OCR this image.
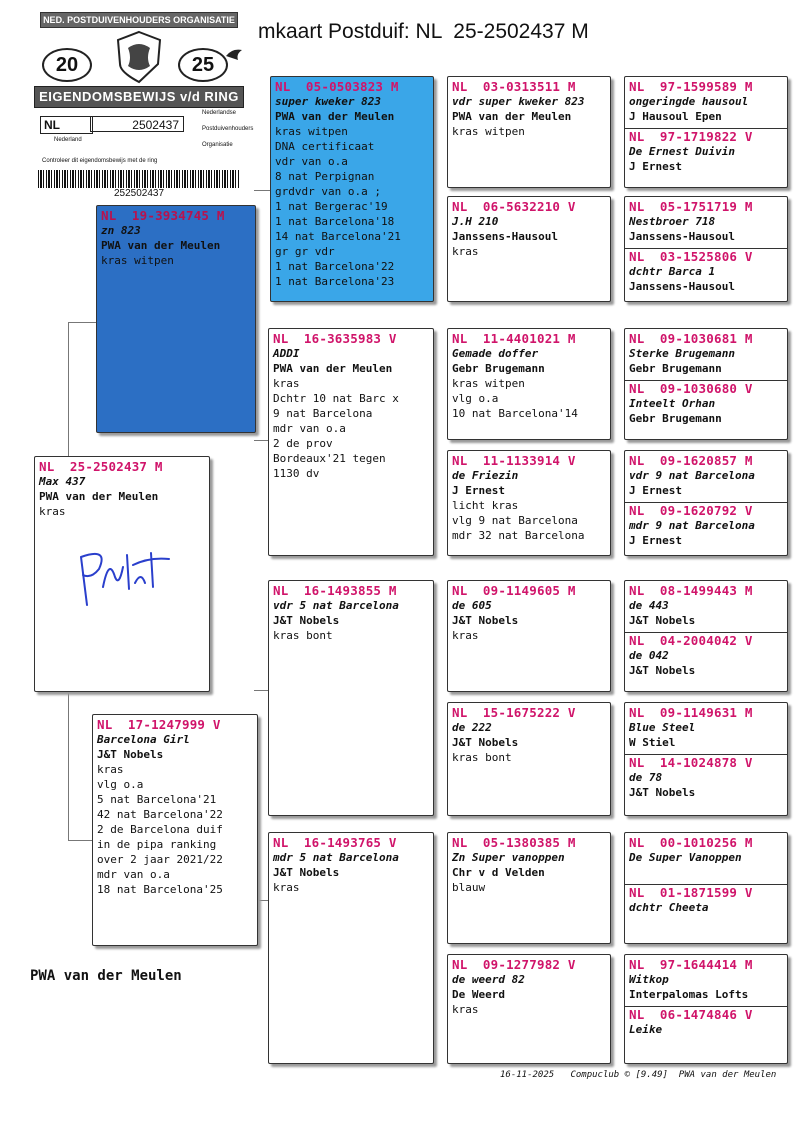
NED. POSTDUIVENHOUDERS ORGANISATIE
20	25
EIGENDOMSBEWIJS v/d RING
NL	2502437
Nederlandse
Postduivenhouders
Organisatie
Nederland
Controleer dit eigendomsbewijs met de ring
252502437
mkaart Postduif: NL  25-2502437 M
NL  25-2502437 M
Max 437
PWA van der Meulen
kras
NL  19-3934745 M
zn 823
PWA van der Meulen
kras witpen
NL  17-1247999 V
Barcelona Girl
J&T Nobels
kras
vlg o.a
5 nat Barcelona'21
42 nat Barcelona'22
2 de Barcelona duif
in de pipa ranking
over 2 jaar 2021/22
mdr van o.a
18 nat Barcelona'25
NL  05-0503823 M
super kweker 823
PWA van der Meulen
kras witpen
DNA certificaat
vdr van o.a
8 nat Perpignan
grdvdr van o.a ;
1 nat Bergerac'19
1 nat Barcelona'18
14 nat Barcelona'21
gr gr vdr
1 nat Barcelona'22
1 nat Barcelona'23
NL  16-3635983 V
ADDI
PWA van der Meulen
kras
Dchtr 10 nat Barc x
9 nat Barcelona
mdr van o.a
2 de prov
Bordeaux'21 tegen
1130 dv
NL  16-1493855 M
vdr 5 nat Barcelona
J&T Nobels
kras bont
NL  16-1493765 V
mdr 5 nat Barcelona
J&T Nobels
kras
NL  03-0313511 M
vdr super kweker 823
PWA van der Meulen
kras witpen
NL  06-5632210 V
J.H 210
Janssens-Hausoul
kras
NL  11-4401021 M
Gemade doffer
Gebr Brugemann
kras witpen
vlg o.a
10 nat Barcelona'14
NL  11-1133914 V
de Friezin
J Ernest
licht kras
vlg 9 nat Barcelona
mdr 32 nat Barcelona
NL  09-1149605 M
de 605
J&T Nobels
kras
NL  15-1675222 V
de 222
J&T Nobels
kras bont
NL  05-1380385 M
Zn Super vanoppen
Chr v d Velden
blauw
NL  09-1277982 V
de weerd 82
De Weerd
kras
NL  97-1599589 M
ongeringde hausoul
J Hausoul Epen
NL  97-1719822 V
De Ernest Duivin
J Ernest
NL  05-1751719 M
Nestbroer 718
Janssens-Hausoul
NL  03-1525806 V
dchtr Barca 1
Janssens-Hausoul
NL  09-1030681 M
Sterke Brugemann
Gebr Brugemann
NL  09-1030680 V
Inteelt Orhan
Gebr Brugemann
NL  09-1620857 M
vdr 9 nat Barcelona
J Ernest
NL  09-1620792 V
mdr 9 nat Barcelona
J Ernest
NL  08-1499443 M
de 443
J&T Nobels
NL  04-2004042 V
de 042
J&T Nobels
NL  09-1149631 M
Blue Steel
W Stiel
NL  14-1024878 V
de 78
J&T Nobels
NL  00-1010256 M
De Super Vanoppen
NL  01-1871599 V
dchtr Cheeta
NL  97-1644414 M
Witkop
Interpalomas Lofts
NL  06-1474846 V
Leike
PWA van der Meulen
16-11-2025   Compuclub © [9.49]  PWA van der Meulen
